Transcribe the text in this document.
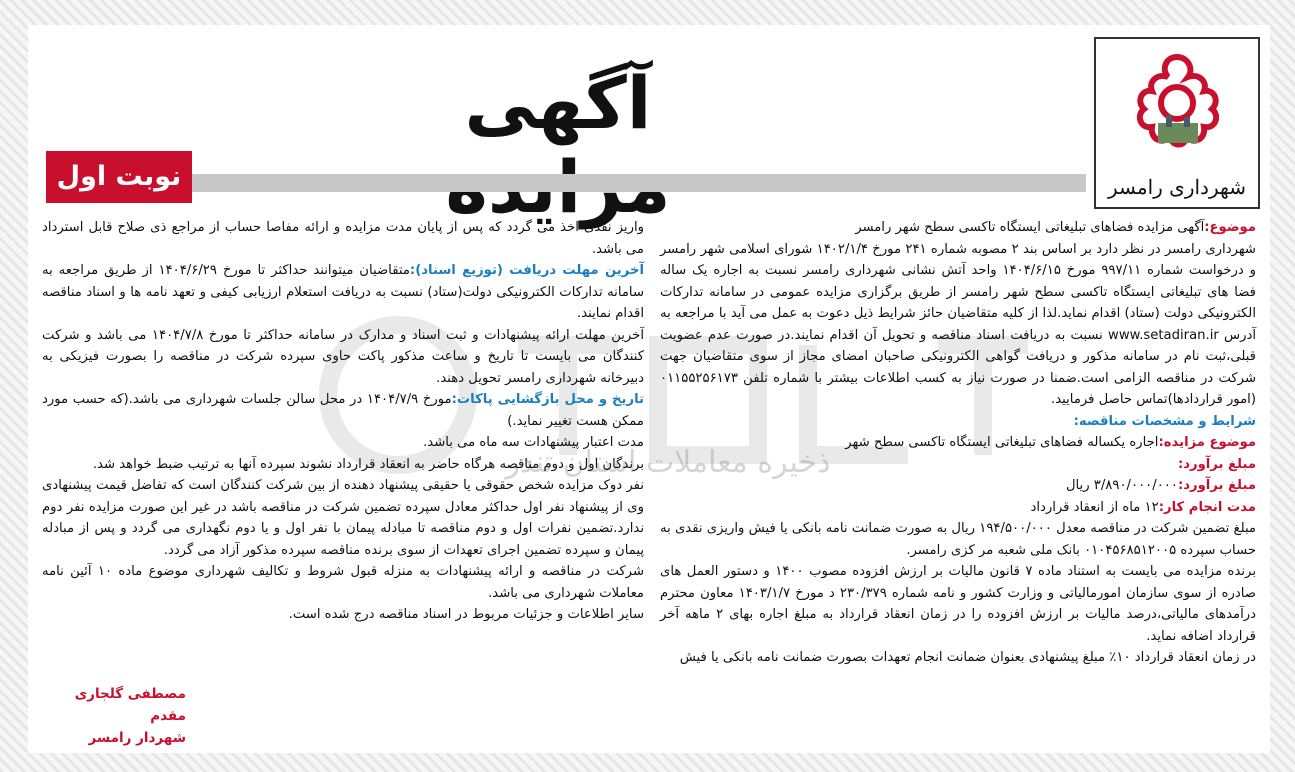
شهرداری رامسر
آگهی
نوبت اول
ذخیره معاملات استان تندر

موضوع:آگهی مزایده فضاهای تبلیغاتی ایستگاه تاکسی سطح شهر رامسر

شهرداری رامسر در نظر دارد بر اساس بند ۲ مصوبه شماره ۲۴۱ مورخ ۱۴۰۲/۱/۴ شورای اسلامی شهر رامسر و درخواست شماره ۹۹۷/۱۱ مورخ ۱۴۰۴/۶/۱۵ واحد آتش نشانی شهرداری رامسر نسبت به اجاره یک ساله فضا های تبلیغاتی ایستگاه تاکسی سطح شهر رامسر از طریق برگزاری مزایده عمومی در سامانه تدارکات الکترونیکی دولت (ستاد) اقدام نماید.لذا از کلیه متقاضیان حائز شرایط ذیل دعوت به عمل می آید با مراجعه به آدرس www.setadiran.ir نسبت به دریافت اسناد مناقصه و تحویل آن اقدام نمایند.در صورت عدم عضویت قبلی،ثبت نام در سامانه مذکور و دریافت گواهی الکترونیکی صاحبان امضای مجاز از سوی متقاضیان جهت شرکت در مناقصه الزامی است.ضمنا در صورت نیاز به کسب اطلاعات بیشتر با شماره تلفن ۰۱۱۵۵۲۵۶۱۷۳ (امور قراردادها)تماس حاصل فرمایید.

شرایط و مشخصات مناقصه:

موضوع مزایده:اجاره یکساله فضاهای تبلیغاتی ایستگاه تاکسی سطح شهر

مبلغ برآورد:

مبلغ برآورد:۳/۸۹۰/۰۰۰/۰۰۰ ریال

مدت انجام کار:۱۲ ماه از انعقاد قرارداد

مبلغ تضمین شرکت در مناقصه معدل ۱۹۴/۵۰۰/۰۰۰ ریال به صورت ضمانت نامه بانکی یا فیش واریزی نقدی به حساب سپرده ۰۱۰۴۵۶۸۵۱۲۰۰۵ بانک ملی شعبه مر کزی رامسر.

برنده مزایده می بایست به استناد ماده ۷ قانون مالیات بر ارزش افزوده مصوب ۱۴۰۰ و دستور العمل های صادره از سوی سازمان امورمالیاتی و وزارت کشور و نامه شماره ۲۳۰/۳۷۹ د مورخ ۱۴۰۳/۱/۷ معاون محترم درآمدهای مالیاتی،درصد مالیات بر ارزش افزوده را در زمان انعقاد قرارداد به مبلغ اجاره بهای ۲ ماهه آخر قرارداد اضافه نماید.

در زمان انعقاد قرارداد ۱۰٪ مبلغ پیشنهادی بعنوان ضمانت انجام تعهدات بصورت ضمانت نامه بانکی یا فیش

واریز نقدی اخذ می گردد که پس از پایان مدت مزایده و ارائه مفاصا حساب از مراجع ذی صلاح قابل استرداد می باشد.

آخرین مهلت دریافت (توزیع اسناد):متقاضیان میتوانند حداکثر تا مورخ ۱۴۰۴/۶/۲۹ از طریق مراجعه به سامانه تدارکات الکترونیکی دولت(ستاد) نسبت به دریافت استعلام ارزیابی کیفی و تعهد نامه ها و اسناد مناقصه اقدام نمایند.

آخرین مهلت ارائه پیشنهادات و ثبت اسناد و مدارک در سامانه حداکثر تا مورخ ۱۴۰۴/۷/۸ می باشد و شرکت کنندگان می بایست تا تاریخ و ساعت مذکور پاکت حاوی سپرده شرکت در مناقصه را بصورت فیزیکی به دبیرخانه شهرداری رامسر تحویل دهند.

تاریخ و محل بازگشایی پاکات:مورخ ۱۴۰۴/۷/۹ در محل سالن جلسات شهرداری می باشد.(که حسب مورد ممکن هست تغییر نماید.)

مدت اعتبار پیشنهادات سه ماه می باشد.

برندگان اول و دوم مناقصه هرگاه حاضر به انعقاد قرارداد نشوند سپرده آنها به ترتیب ضبط خواهد شد.

نفر دوک مزایده شخص حقوقی یا حقیقی پیشنهاد دهنده از بین شرکت کنندگان است که تفاضل قیمت پیشنهادی وی از پیشنهاد نفر اول حداکثر معادل سپرده تضمین شرکت در مناقصه باشد در غیر این صورت مزایده نفر دوم ندارد.تضمین نفرات اول و دوم مناقصه تا مبادله پیمان با نفر اول و یا دوم نگهداری می گردد و پس از مبادله پیمان و سپرده تضمین اجرای تعهدات از سوی برنده مناقصه سپرده مذکور آزاد می گردد.

شرکت در مناقصه و ارائه پیشنهادات به منزله قبول شروط و تکالیف شهرداری موضوع ماده ۱۰ آئین نامه معاملات شهرداری می باشد.

سایر اطلاعات و جزئیات مربوط در اسناد مناقصه درج شده است.

مصطفی گلجاری مقدم
شهردار رامسر
